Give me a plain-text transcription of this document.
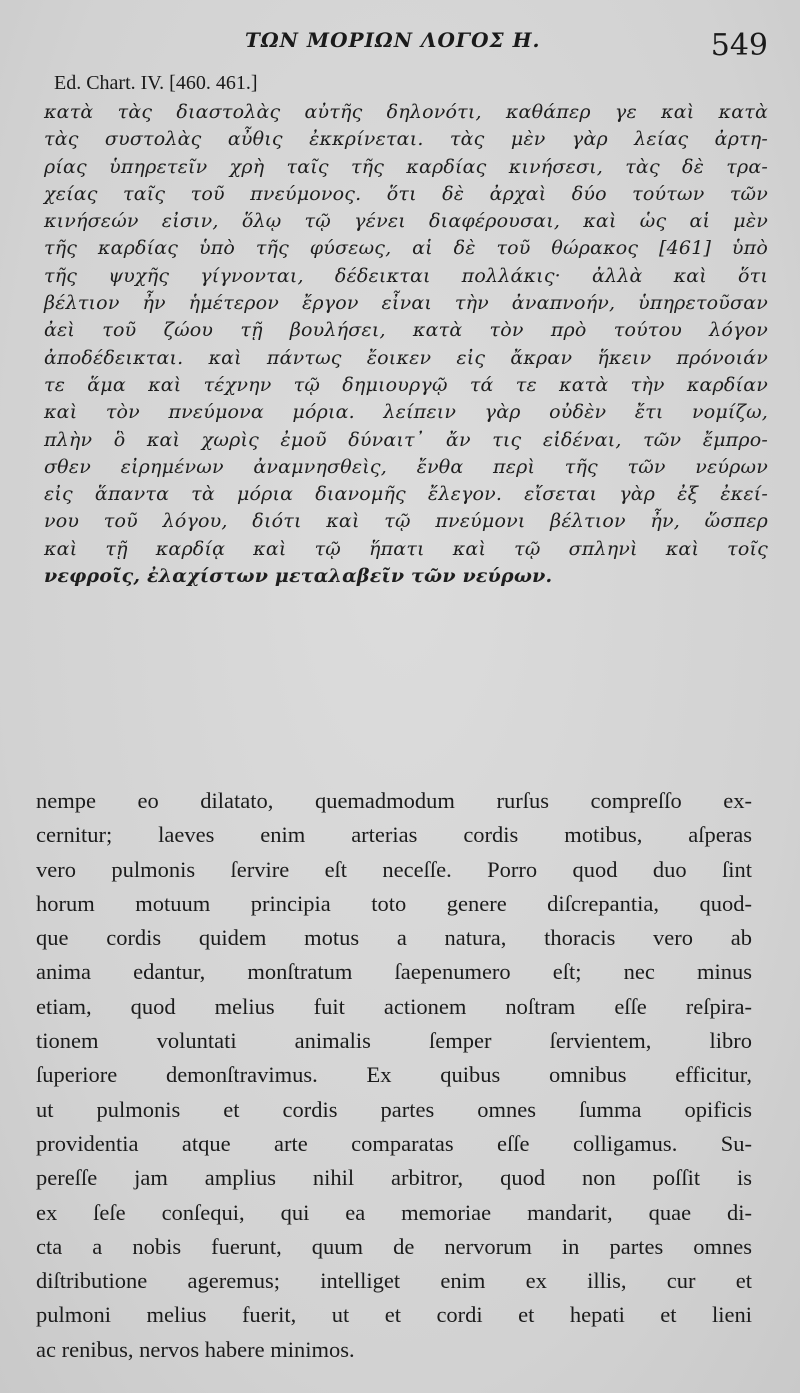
ΤΩΝ ΜΟΡΙΩΝ ΛΟΓΟΣ Η.	549
Ed. Chart. IV. [460. 461.]
κατὰ τὰς διαστολὰς αὐτῆς δηλονότι, καθάπερ γε καὶ κατὰ
τὰς συστολὰς αὖθις ἐκκρίνεται. τὰς μὲν γὰρ λείας ἀρτη-
ρίας ὑπηρετεῖν χρὴ ταῖς τῆς καρδίας κινήσεσι, τὰς δὲ τρα-
χείας ταῖς τοῦ πνεύμονος. ὅτι δὲ ἀρχαὶ δύο τούτων τῶν
κινήσεών εἰσιν, ὅλῳ τῷ γένει διαφέρουσαι, καὶ ὡς αἱ μὲν
τῆς καρδίας ὑπὸ τῆς φύσεως, αἱ δὲ τοῦ θώρακος [461] ὑπὸ
τῆς ψυχῆς γίγνονται, δέδεικται πολλάκις· ἀλλὰ καὶ ὅτι
βέλτιον ἦν ἡμέτερον ἔργον εἶναι τὴν ἀναπνοήν, ὑπηρετοῦσαν
ἀεὶ τοῦ ζώου τῇ βουλήσει, κατὰ τὸν πρὸ τούτου λόγον
ἀποδέδεικται. καὶ πάντως ἔοικεν εἰς ἄκραν ἥκειν πρόνοιάν
τε ἅμα καὶ τέχνην τῷ δημιουργῷ τά τε κατὰ τὴν καρδίαν
καὶ τὸν πνεύμονα μόρια. λείπειν γὰρ οὐδὲν ἔτι νομίζω,
πλὴν ὃ καὶ χωρὶς ἐμοῦ δύναιτ᾽ ἄν τις εἰδέναι, τῶν ἔμπρο-
σθεν εἰρημένων ἀναμνησθεὶς, ἔνθα περὶ τῆς τῶν νεύρων
εἰς ἅπαντα τὰ μόρια διανομῆς ἔλεγον. εἴσεται γὰρ ἐξ ἐκεί-
νου τοῦ λόγου, διότι καὶ τῷ πνεύμονι βέλτιον ἦν, ὥσπερ
καὶ τῇ καρδίᾳ καὶ τῷ ἥπατι καὶ τῷ σπληνὶ καὶ τοῖς
νεφροῖς, ἐλαχίστων μεταλαβεῖν τῶν νεύρων.
nempe eo dilatato, quemadmodum rurſus compreſſo ex-
cernitur; laeves enim arterias cordis motibus, aſperas
vero pulmonis ſervire eſt neceſſe. Porro quod duo ſint
horum motuum principia toto genere diſcrepantia, quod-
que cordis quidem motus a natura, thoracis vero ab
anima edantur, monſtratum ſaepenumero eſt; nec minus
etiam, quod melius fuit actionem noſtram eſſe reſpira-
tionem voluntati animalis ſemper ſervientem, libro
ſuperiore demonſtravimus. Ex quibus omnibus efficitur,
ut pulmonis et cordis partes omnes ſumma opificis
providentia atque arte comparatas eſſe colligamus. Su-
pereſſe jam amplius nihil arbitror, quod non poſſit is
ex ſeſe conſequi, qui ea memoriae mandarit, quae di-
cta a nobis fuerunt, quum de nervorum in partes omnes
diſtributione ageremus; intelliget enim ex illis, cur et
pulmoni melius fuerit, ut et cordi et hepati et lieni
ac renibus, nervos habere minimos.
